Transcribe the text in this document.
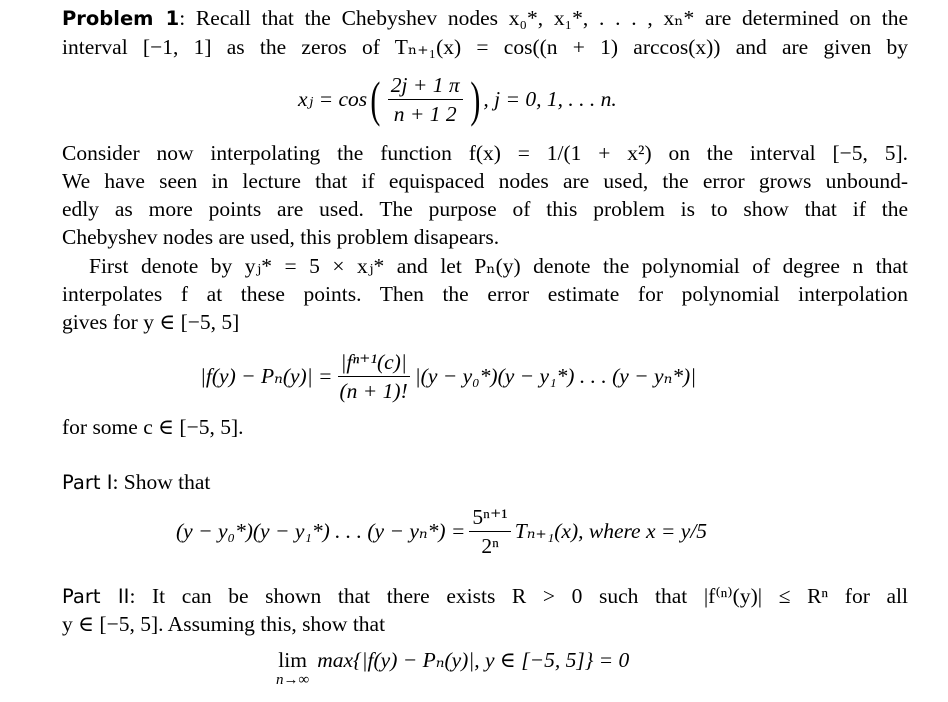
Problem 1: Recall that the Chebyshev nodes x₀*, x₁*, . . . , xₙ* are determined on the
interval [−1, 1] as the zeros of Tₙ₊₁(x) = cos((n + 1) arccos(x)) and are given by
xⱼ = cos ( $\frac{2j + 1 \pi}{n + 1 2}$ ) , j = 0, 1, . . . n.
Consider now interpolating the function f(x) = 1/(1 + x²) on the interval [−5, 5].
We have seen in lecture that if equispaced nodes are used, the error grows unbound-
edly as more points are used. The purpose of this problem is to show that if the
Chebyshev nodes are used, this problem disapears.
First denote by yⱼ* = 5 × xⱼ* and let Pₙ(y) denote the polynomial of degree n that
interpolates f at these points. Then the error estimate for polynomial interpolation
gives for y ∈ [−5, 5]
$|f(y) - P_n(y)| = \frac{\text{|fⁿ⁺¹(c)|}}{(n + 1)!} |(y - y_0*)(y - y_1*)$ . . . (y − yₙ*)|
for some c ∈ [−5, 5].
Part I: Show that
(y − y₀*)(y − y₁*) . . . $(y - y_n*) = \frac{\text{5ⁿ⁺¹}}{\text{2ⁿ}} T_{n+1}(x)$, where x = y/5
Part II: It can be shown that there exists R > 0 such that |f⁽ⁿ⁾(y)| ≤ Rⁿ for all
y ∈ [−5, 5]. Assuming this, show that
lim
n→∞
max{|f(y) − Pₙ(y)|, y ∈ [−5, 5]} = 0
